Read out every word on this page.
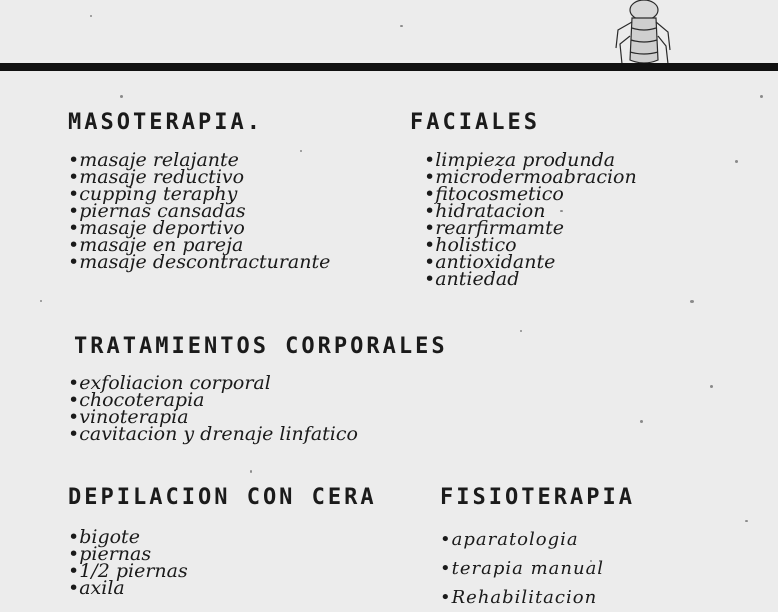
MASOTERAPIA.
• masaje relajante
• masaje reductivo
• cupping teraphy
• piernas cansadas
• masaje deportivo
• masaje en pareja
• masaje descontracturante
FACIALES
• limpieza produnda
• microdermoabracion
• fitocosmetico
• hidratacion
• rearfirmamte
• holistico
• antioxidante
• antiedad
TRATAMIENTOS CORPORALES
• exfoliacion corporal
• chocoterapia
• vinoterapia
• cavitacion y drenaje linfatico
DEPILACION CON CERA
• bigote
• piernas
• 1/2 piernas
• axila
FISIOTERAPIA
• aparatologia
• terapia manual
• Rehabilitacion
